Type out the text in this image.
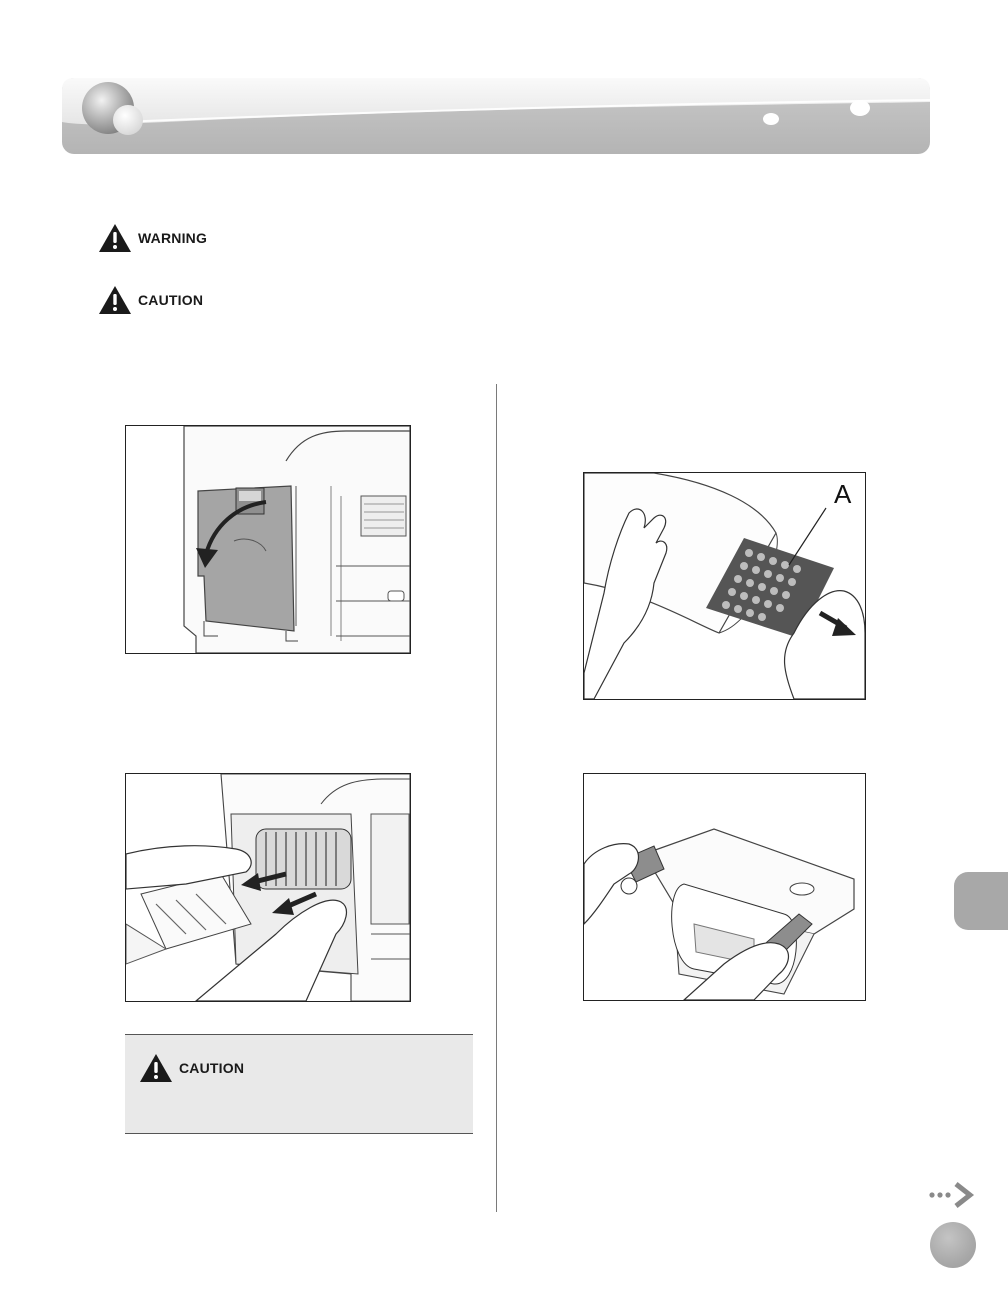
WARNING
CAUTION
CAUTION
A
